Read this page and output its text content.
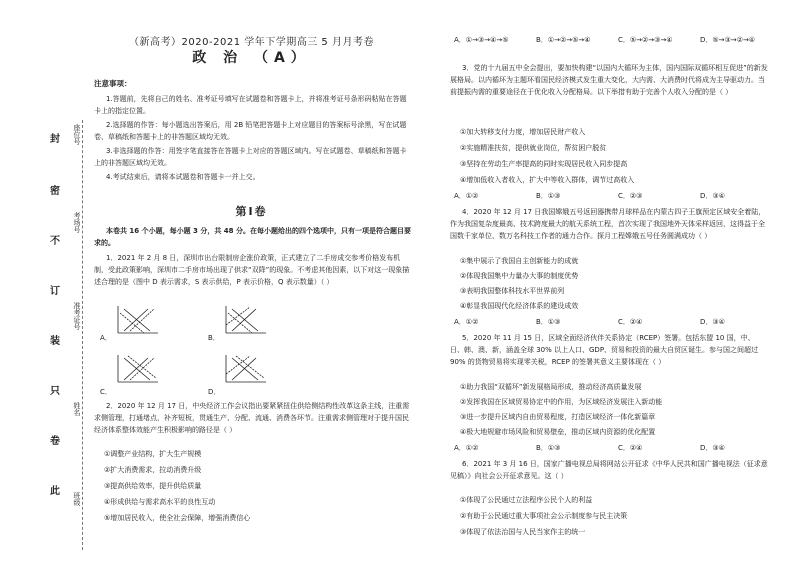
封
密
不
订
装
只
卷
此
座位号
考场号
准考证号
姓名
班级
（新高考）2020-2021 学年下学期高三 5 月月考卷
政 治 （A）
注意事项：
1.答题前，先将自己的姓名、准考证号填写在试题卷和答题卡上，并将准考证号条形码粘贴在答题卡上的指定位置。
2.选择题的作答：每小题选出答案后，用 2B 铅笔把答题卡上对应题目的答案标号涂黑，写在试题卷、草稿纸和答题卡上的非答题区域均无效。
3.非选择题的作答：用签字笔直接答在答题卡上对应的答题区域内。写在试题卷、草稿纸和答题卡上的非答题区域均无效。
4.考试结束后，请将本试题卷和答题卡一并上交。
第Ⅰ卷
本卷共 16 个小题，每小题 3 分，共 48 分。在每小题给出的四个选项中，只有一项是符合题目要求的。
1．2021 年 2 月 8 日，深圳市出台限制房企涨价政策，正式建立了二手房成交参考价格发布机制，受此政策影响，深圳市二手房市场出现了供求“双降”的现象。不考虑其他因素，以下对这一现象描述合理的是（图中 D 表示需求，S 表示供给，P 表示价格，Q 表示数量）（ ）
A．	B．
C．	D．
2．2020 年 12 月 17 日，中央经济工作会议指出要紧紧扭住供给侧结构性改革这条主线，注重需求侧管理，打通堵点，补齐短板，贯通生产、分配、流通、消费各环节。注重需求侧管理对于提升国民经济体系整体效能产生积极影响的路径是（ ）
①调整产业结构，扩大生产规模
②扩大消费需求，拉动消费升级
③提高供给效率，提升供给质量
④形成供给与需求高水平的良性互动
⑤增加居民收入，使全社会保障，增强消费信心
A．①→③→④→⑤	B．①→②→⑤→④	C．⑤→②→③→④	D．⑤→③→②→④
3．党的十九届五中全会提出，要加快构建“以国内大循环为主体，国内国际双循环相互促进”的新发展格局。以内循环为主题环看国民经济模式发生重大变化，大内需、大消费时代将成为主导驱动力。当前提振内需的重要途径在于优化收入分配格局。以下举措有助于完善个人收入分配的是（ ）
①加大转移支付力度，增加居民财产收入
②实施精准扶贫，提供就业岗位，帮贫困户脱贫
③坚持在劳动生产率提高的同时实现居民收入同步提高
④增加低收入者收入，扩大中等收入群体，调节过高收入
A．①②	B．①③	C．②③	D．③④
4．2020 年 12 月 17 日我国嫦娥五号返回器携带月球样品在内蒙古四子王旗预定区域安全着陆，作为我国复杂度最高、技术跨度最大的航天系统工程，首次实现了我国地外天体采样返回，这得益于全国数千家单位、数万名科技工作者的通力合作。探月工程嫦娥五号任务圆满成功（ ）
①集中展示了我国自主创新能力的成就
②体现我国集中力量办大事的制度优势
③表明我国整体科技水平世界前列
④彰显我国现代化经济体系的建设成效
A．①②	B．①③	C．②④	D．③④
5．2020 年 11 月 15 日，区域全面经济伙伴关系协定（RCEP）签署。包括东盟 10 国，中、日、韩、澳、新，涵盖全球 30% 以上人口、GDP、贸易和投资的最大自贸区诞生。参与国之间超过 90% 的货物贸易将实现零关税，RCEP 的签署其意义主要体现在（ ）
①助力我国“双循环”新发展格局形成，推动经济高质量发展
②发挥我国在区域贸易协定中的作用，为区域经济发展注入新动能
③进一步提升区域内自由贸易程度，打造区域经济一体化新篇章
④极大地规避市场风险和贸易壁垒，推动区域内资源的优化配置
A．①②	B．①③	C．②④	D．③④
6．2021 年 3 月 16 日，国家广播电视总局将网站公开征求《中华人民共和国广播电视法（征求意见稿）》向社会公开征求意见。这（ ）
①体现了公民通过立法程序公民个人的利益
②有助于公民通过重大事项社会公示制度参与民主决策
③体现了依法治国与人民当家作主的统一
